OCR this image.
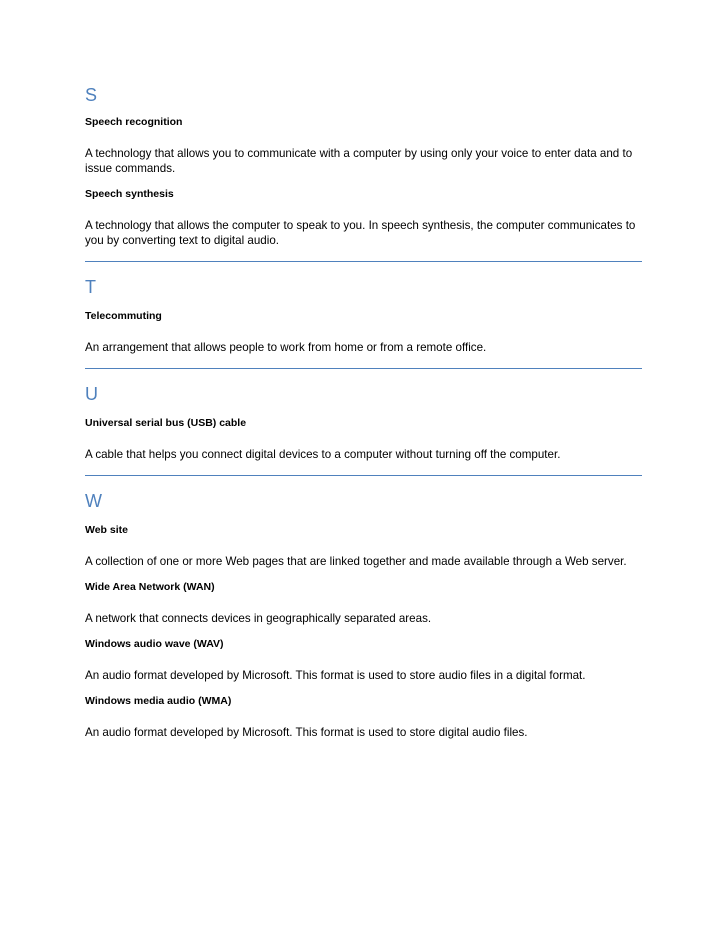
S
Speech recognition
A technology that allows you to communicate with a computer by using only your voice to enter data and to issue commands.
Speech synthesis
A technology that allows the computer to speak to you. In speech synthesis, the computer communicates to you by converting text to digital audio.
T
Telecommuting
An arrangement that allows people to work from home or from a remote office.
U
Universal serial bus (USB) cable
A cable that helps you connect digital devices to a computer without turning off the computer.
W
Web site
A collection of one or more Web pages that are linked together and made available through a Web server.
Wide Area Network (WAN)
A network that connects devices in geographically separated areas.
Windows audio wave (WAV)
An audio format developed by Microsoft. This format is used to store audio files in a digital format.
Windows media audio (WMA)
An audio format developed by Microsoft. This format is used to store digital audio files.
